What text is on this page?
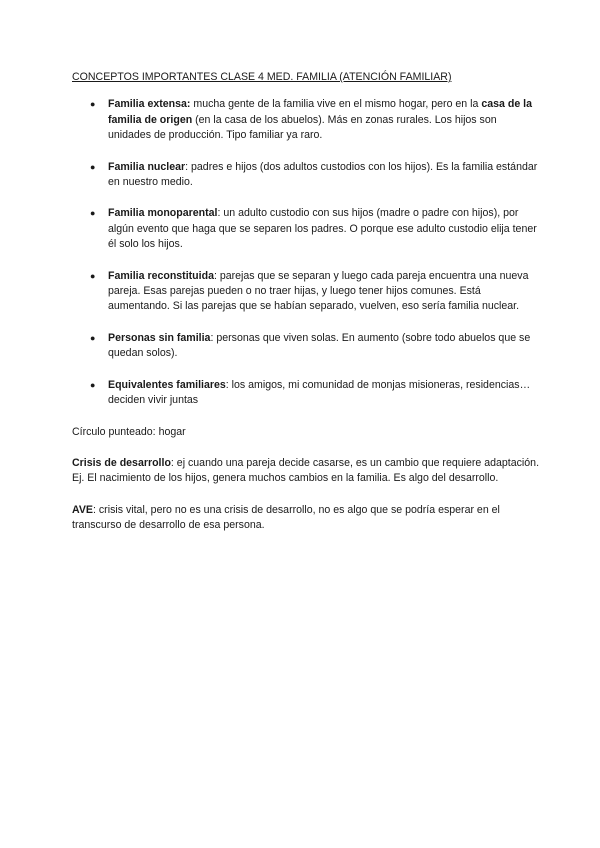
CONCEPTOS IMPORTANTES CLASE 4 MED. FAMILIA (ATENCIÓN FAMILIAR)
● Familia extensa: mucha gente de la familia vive en el mismo hogar, pero en la casa de la familia de origen (en la casa de los abuelos). Más en zonas rurales. Los hijos son unidades de producción. Tipo familiar ya raro.
● Familia nuclear: padres e hijos (dos adultos custodios con los hijos). Es la familia estándar en nuestro medio.
● Familia monoparental: un adulto custodio con sus hijos (madre o padre con hijos), por algún evento que haga que se separen los padres. O porque ese adulto custodio elija tener él solo los hijos.
● Familia reconstituida: parejas que se separan y luego cada pareja encuentra una nueva pareja. Esas parejas pueden o no traer hijas, y luego tener hijos comunes. Está aumentando. Si las parejas que se habían separado, vuelven, eso sería familia nuclear.
● Personas sin familia: personas que viven solas. En aumento (sobre todo abuelos que se quedan solos).
● Equivalentes familiares: los amigos, mi comunidad de monjas misioneras, residencias… deciden vivir juntas

Círculo punteado: hogar

Crisis de desarrollo: ej cuando una pareja decide casarse, es un cambio que requiere adaptación. Ej. El nacimiento de los hijos, genera muchos cambios en la familia. Es algo del desarrollo.

AVE: crisis vital, pero no es una crisis de desarrollo, no es algo que se podría esperar en el transcurso de desarrollo de esa persona.
